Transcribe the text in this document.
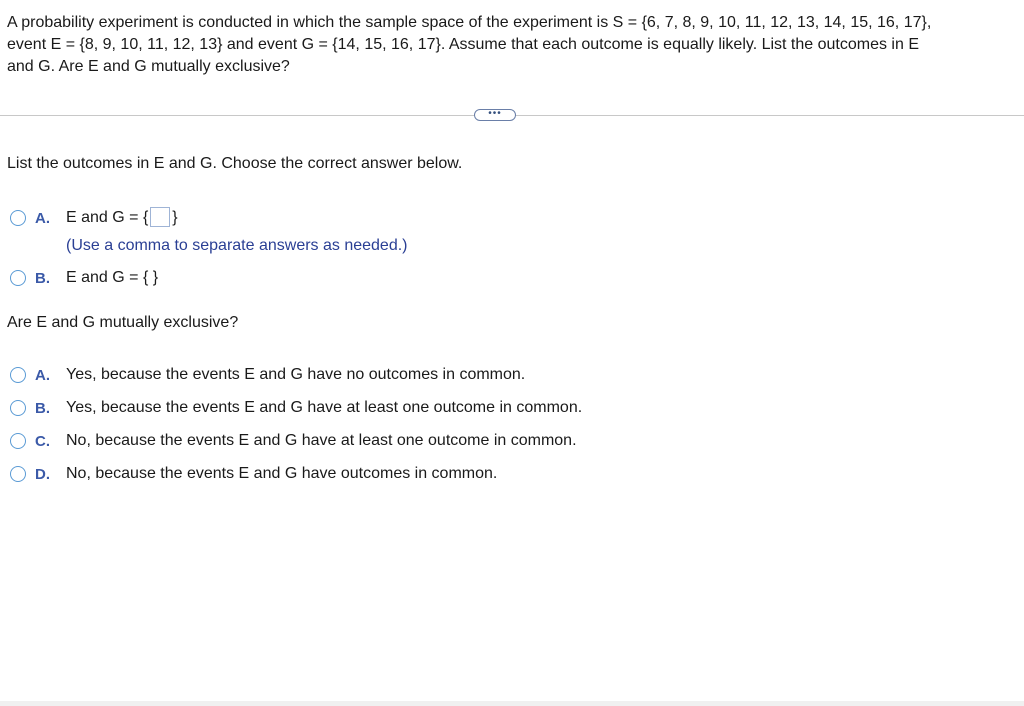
A probability experiment is conducted in which the sample space of the experiment is S = {6, 7, 8, 9, 10, 11, 12, 13, 14, 15, 16, 17},
event E = {8, 9, 10, 11, 12, 13} and event G = {14, 15, 16, 17}. Assume that each outcome is equally likely. List the outcomes in E
and G. Are E and G mutually exclusive?
•••
List the outcomes in E and G. Choose the correct answer below.
A.	E and G = { }
(Use a comma to separate answers as needed.)
B.	E and G = { }
Are E and G mutually exclusive?
A.	Yes, because the events E and G have no outcomes in common.
B.	Yes, because the events E and G have at least one outcome in common.
C.	No, because the events E and G have at least one outcome in common.
D.	No, because the events E and G have outcomes in common.
